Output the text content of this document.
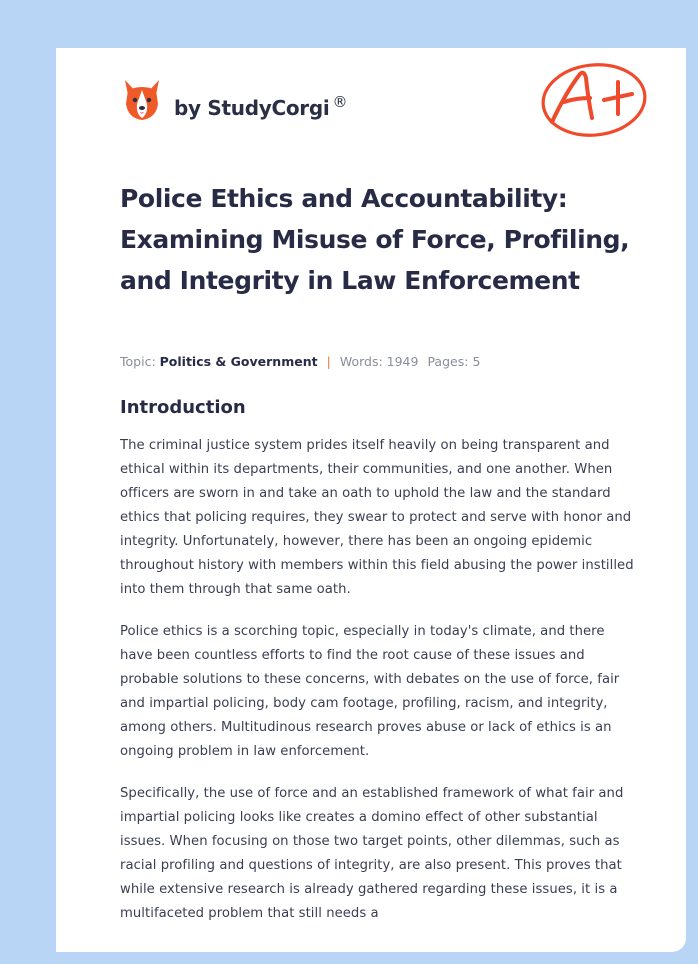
by StudyCorgi ®
Police Ethics and Accountability: Examining Misuse of Force, Profiling, and Integrity in Law Enforcement
Topic: Politics & Government | Words: 1949 Pages: 5
Introduction

The criminal justice system prides itself heavily on being transparent and ethical within its departments, their communities, and one another. When officers are sworn in and take an oath to uphold the law and the standard ethics that policing requires, they swear to protect and serve with honor and integrity. Unfortunately, however, there has been an ongoing epidemic throughout history with members within this field abusing the power instilled into them through that same oath.

Police ethics is a scorching topic, especially in today's climate, and there have been countless efforts to find the root cause of these issues and probable solutions to these concerns, with debates on the use of force, fair and impartial policing, body cam footage, profiling, racism, and integrity, among others. Multitudinous research proves abuse or lack of ethics is an ongoing problem in law enforcement.

Specifically, the use of force and an established framework of what fair and impartial policing looks like creates a domino effect of other substantial issues. When focusing on those two target points, other dilemmas, such as racial profiling and questions of integrity, are also present. This proves that while extensive research is already gathered regarding these issues, it is a multifaceted problem that still needs a
